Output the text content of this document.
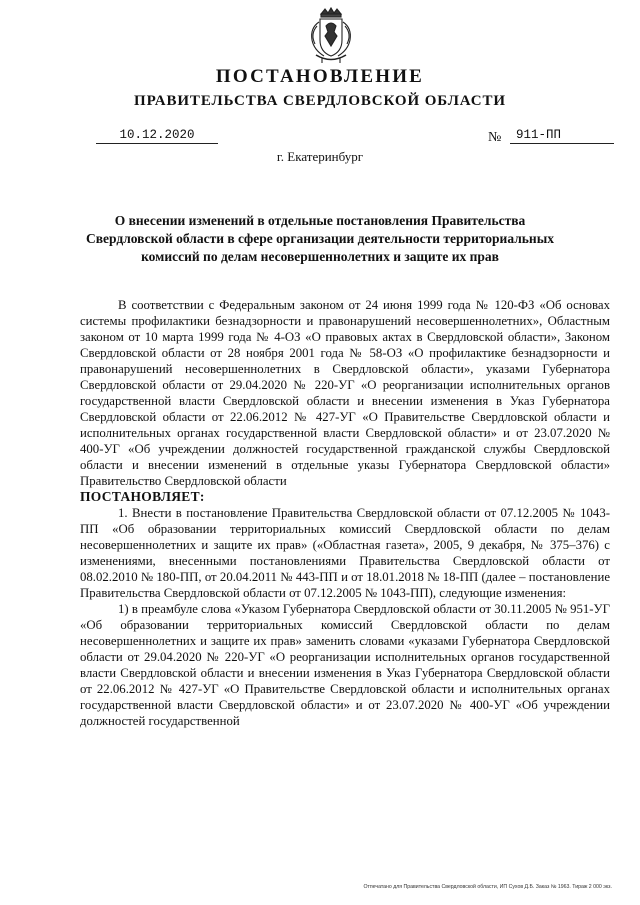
ПОСТАНОВЛЕНИЕ
ПРАВИТЕЛЬСТВА СВЕРДЛОВСКОЙ ОБЛАСТИ
10.12.2020	№	911-ПП
г. Екатеринбург
О внесении изменений в отдельные постановления Правительства Свердловской области в сфере организации деятельности территориальных комиссий по делам несовершеннолетних и защите их прав

В соответствии с Федеральным законом от 24 июня 1999 года № 120-ФЗ «Об основах системы профилактики безнадзорности и правонарушений несовершеннолетних», Областным законом от 10 марта 1999 года № 4-ОЗ «О правовых актах в Свердловской области», Законом Свердловской области от 28 ноября 2001 года № 58-ОЗ «О профилактике безнадзорности и правонарушений несовершеннолетних в Свердловской области», указами Губернатора Свердловской области от 29.04.2020 № 220-УГ «О реорганизации исполнительных органов государственной власти Свердловской области и внесении изменения в Указ Губернатора Свердловской области от 22.06.2012 № 427-УГ «О Правительстве Свердловской области и исполнительных органах государственной власти Свердловской области» и от 23.07.2020 № 400-УГ «Об учреждении должностей государственной гражданской службы Свердловской области и внесении изменений в отдельные указы Губернатора Свердловской области» Правительство Свердловской области

ПОСТАНОВЛЯЕТ:

1. Внести в постановление Правительства Свердловской области от 07.12.2005 № 1043-ПП «Об образовании территориальных комиссий Свердловской области по делам несовершеннолетних и защите их прав» («Областная газета», 2005, 9 декабря, № 375–376) с изменениями, внесенными постановлениями Правительства Свердловской области от 08.02.2010 № 180-ПП, от 20.04.2011 № 443-ПП и от 18.01.2018 № 18-ПП (далее – постановление Правительства Свердловской области от 07.12.2005 № 1043-ПП), следующие изменения:

1) в преамбуле слова «Указом Губернатора Свердловской области от 30.11.2005 № 951-УГ «Об образовании территориальных комиссий Свердловской области по делам несовершеннолетних и защите их прав» заменить словами «указами Губернатора Свердловской области от 29.04.2020 № 220-УГ «О реорганизации исполнительных органов государственной власти Свердловской области и внесении изменения в Указ Губернатора Свердловской области от 22.06.2012 № 427-УГ «О Правительстве Свердловской области и исполнительных органах государственной власти Свердловской области» и от 23.07.2020 № 400-УГ «Об учреждении должностей государственной

Отпечатано для Правительства Свердловской области, ИП Сухов Д.Б. Заказ № 1963. Тираж 2 000 экз.
